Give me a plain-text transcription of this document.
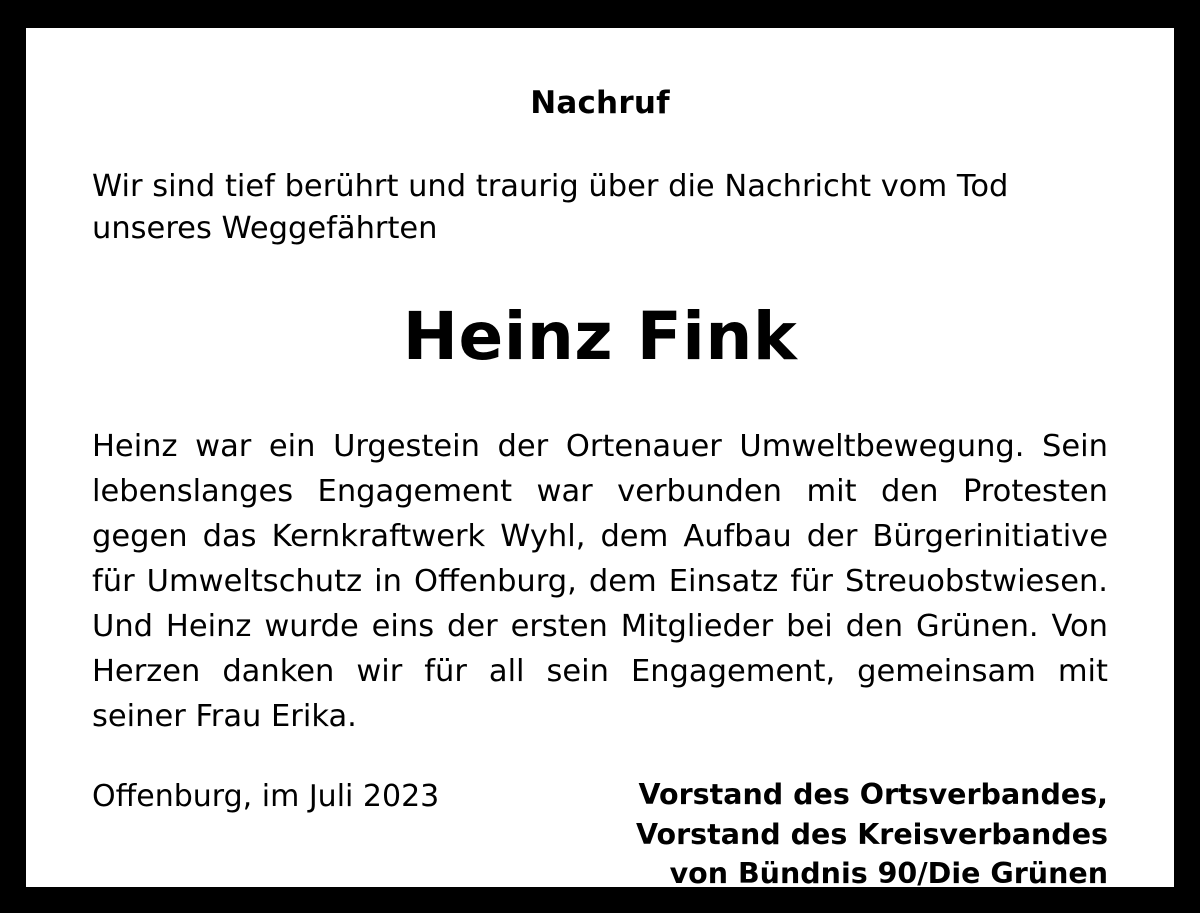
Nachruf

Wir sind tief berührt und traurig über die Nachricht vom Tod unseres Weggefährten

Heinz Fink

Heinz war ein Urgestein der Ortenauer Umweltbewegung. Sein lebenslanges Engagement war verbunden mit den Protesten gegen das Kernkraftwerk Wyhl, dem Aufbau der Bürgerinitiative für Umweltschutz in Offenburg, dem Einsatz für Streuobstwiesen. Und Heinz wurde eins der ersten Mitglieder bei den Grünen. Von Herzen danken wir für all sein Engagement, gemeinsam mit seiner Frau Erika.

Offenburg, im Juli 2023	Vorstand des Ortsverbandes,
Vorstand des Kreisverbandes
von Bündnis 90/Die Grünen
